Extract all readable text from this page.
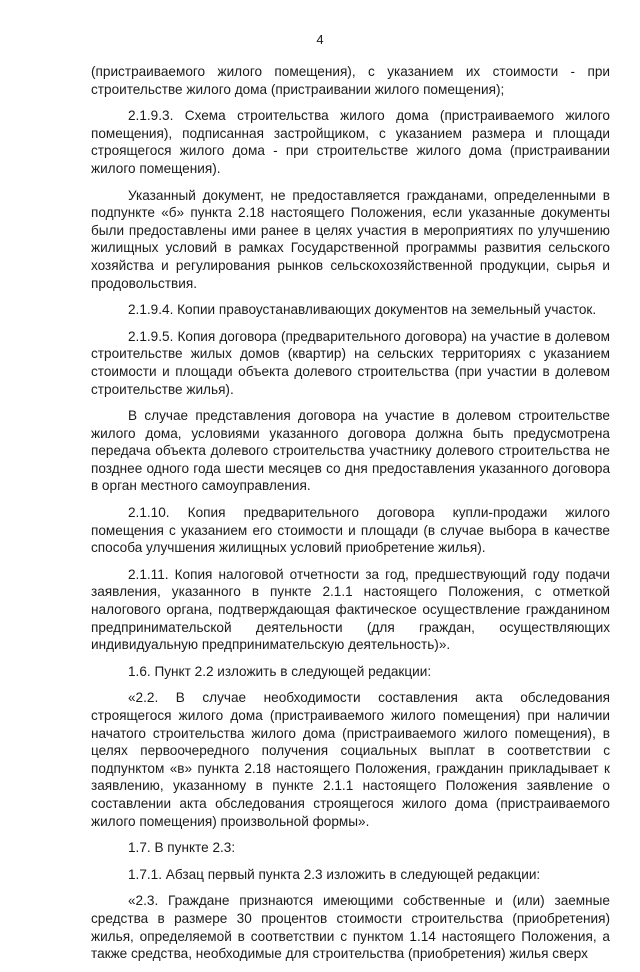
4

(пристраиваемого жилого помещения), с указанием их стоимости - при строительстве жилого дома (пристраивании жилого помещения);

2.1.9.3. Схема строительства жилого дома (пристраиваемого жилого помещения), подписанная застройщиком, с указанием размера и площади строящегося жилого дома - при строительстве жилого дома (пристраивании жилого помещения).

Указанный документ, не предоставляется гражданами, определенными в подпункте «б» пункта 2.18 настоящего Положения, если указанные документы были предоставлены ими ранее в целях участия в мероприятиях по улучшению жилищных условий в рамках Государственной программы развития сельского хозяйства и регулирования рынков сельскохозяйственной продукции, сырья и продовольствия.

2.1.9.4. Копии правоустанавливающих документов на земельный участок.

2.1.9.5. Копия договора (предварительного договора) на участие в долевом строительстве жилых домов (квартир) на сельских территориях с указанием стоимости и площади объекта долевого строительства (при участии в долевом строительстве жилья).

В случае представления договора на участие в долевом строительстве жилого дома, условиями указанного договора должна быть предусмотрена передача объекта долевого строительства участнику долевого строительства не позднее одного года шести месяцев со дня предоставления указанного договора в орган местного самоуправления.

2.1.10. Копия предварительного договора купли-продажи жилого помещения с указанием его стоимости и площади (в случае выбора в качестве способа улучшения жилищных условий приобретение жилья).

2.1.11. Копия налоговой отчетности за год, предшествующий году подачи заявления, указанного в пункте 2.1.1 настоящего Положения, с отметкой налогового органа, подтверждающая фактическое осуществление гражданином предпринимательской деятельности (для граждан, осуществляющих индивидуальную предпринимательскую деятельность)».

1.6. Пункт 2.2 изложить в следующей редакции:

«2.2. В случае необходимости составления акта обследования строящегося жилого дома (пристраиваемого жилого помещения) при наличии начатого строительства жилого дома (пристраиваемого жилого помещения), в целях первоочередного получения социальных выплат в соответствии с подпунктом «в» пункта 2.18 настоящего Положения, гражданин прикладывает к заявлению, указанному в пункте 2.1.1 настоящего Положения заявление о составлении акта обследования строящегося жилого дома (пристраиваемого жилого помещения) произвольной формы».

1.7. В пункте 2.3:

1.7.1. Абзац первый пункта 2.3 изложить в следующей редакции:

«2.3. Граждане признаются имеющими собственные и (или) заемные средства в размере 30 процентов стоимости строительства (приобретения) жилья, определяемой в соответствии с пунктом 1.14 настоящего Положения, а также средства, необходимые для строительства (приобретения) жилья сверх
